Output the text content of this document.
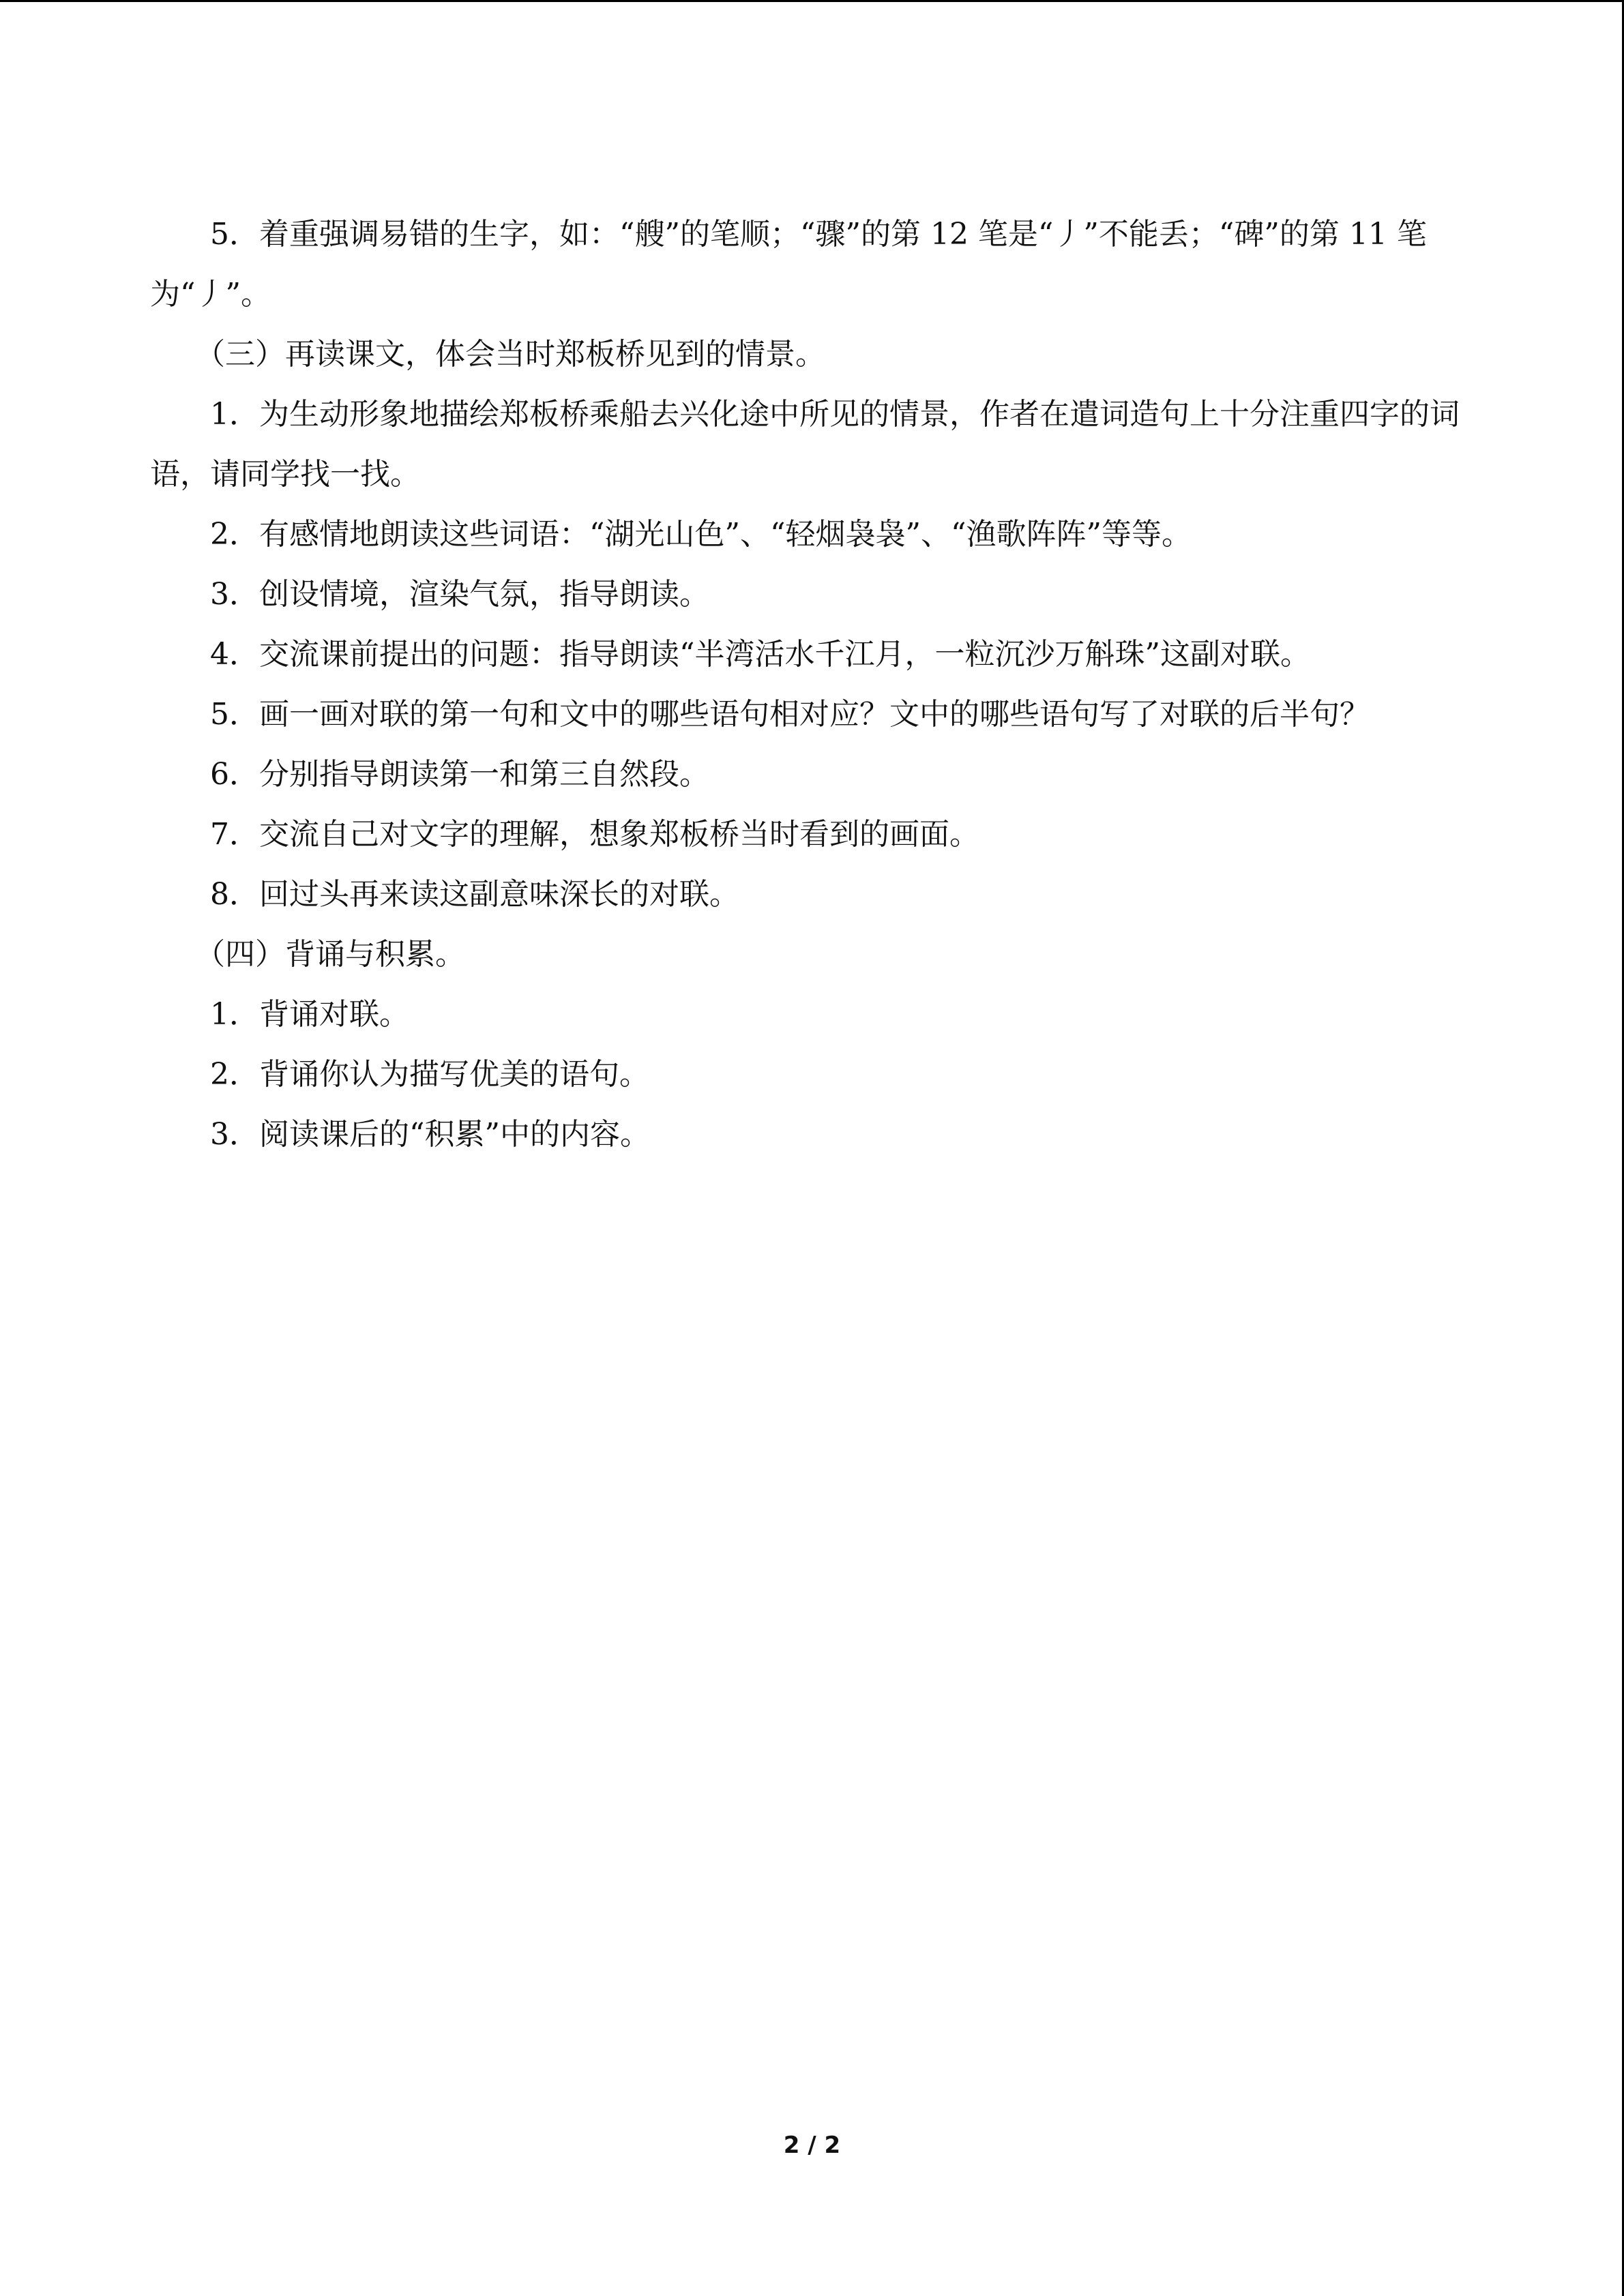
5．着重强调易错的生字，如：“艘”的笔顺；“骤”的第 12 笔是“丿”不能丢；“碑”的第 11 笔为“丿”。

（三）再读课文，体会当时郑板桥见到的情景。

1．为生动形象地描绘郑板桥乘船去兴化途中所见的情景，作者在遣词造句上十分注重四字的词语，请同学找一找。

2．有感情地朗读这些词语：“湖光山色”、“轻烟袅袅”、“渔歌阵阵”等等。

3．创设情境，渲染气氛，指导朗读。

4．交流课前提出的问题：指导朗读“半湾活水千江月，一粒沉沙万斛珠”这副对联。

5．画一画对联的第一句和文中的哪些语句相对应？文中的哪些语句写了对联的后半句？

6．分别指导朗读第一和第三自然段。

7．交流自己对文字的理解，想象郑板桥当时看到的画面。

8．回过头再来读这副意味深长的对联。

（四）背诵与积累。

1．背诵对联。

2．背诵你认为描写优美的语句。

3．阅读课后的“积累”中的内容。

2 / 2
